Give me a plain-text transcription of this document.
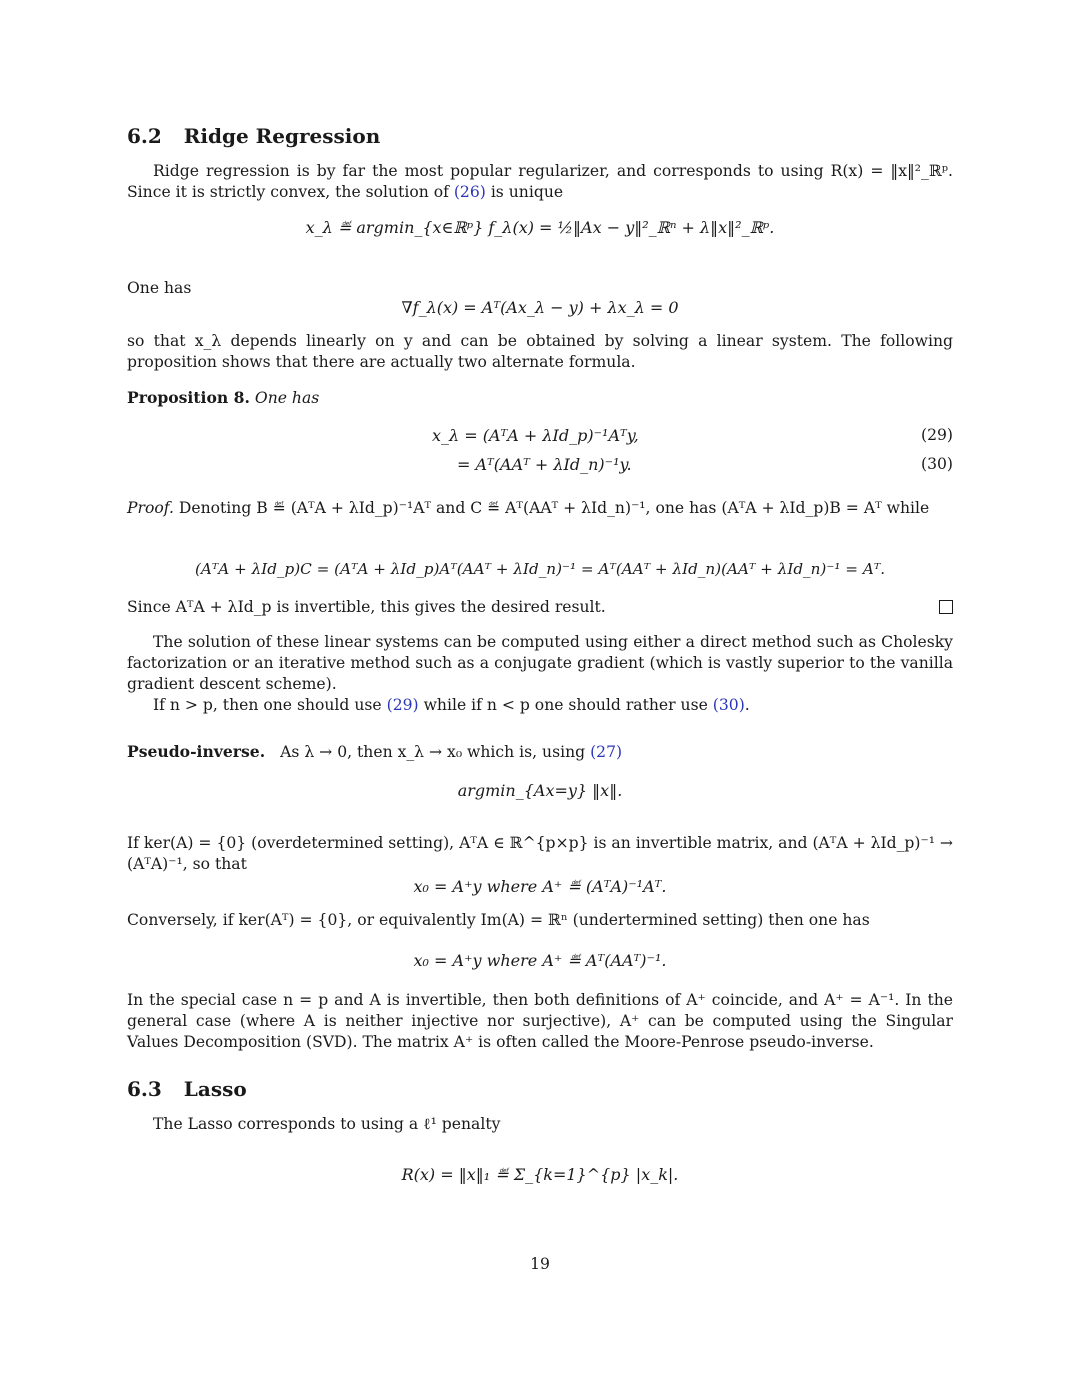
6.2 Ridge Regression
Ridge regression is by far the most popular regularizer, and corresponds to using R(x) = ‖x‖²_ℝᵖ. Since it is strictly convex, the solution of (26) is unique
x_λ ≝ argmin_{x∈ℝᵖ} f_λ(x) = ½‖Ax − y‖²_ℝⁿ + λ‖x‖²_ℝᵖ.
One has
∇f_λ(x) = Aᵀ(Ax_λ − y) + λx_λ = 0
so that x_λ depends linearly on y and can be obtained by solving a linear system. The following proposition shows that there are actually two alternate formula.
Proposition 8. One has
x_λ = (AᵀA + λId_p)⁻¹Aᵀy,	(29)
= Aᵀ(AAᵀ + λId_n)⁻¹y.	(30)
Proof. Denoting B ≝ (AᵀA + λId_p)⁻¹Aᵀ and C ≝ Aᵀ(AAᵀ + λId_n)⁻¹, one has (AᵀA + λId_p)B = Aᵀ while
(AᵀA + λId_p)C = (AᵀA + λId_p)Aᵀ(AAᵀ + λId_n)⁻¹ = Aᵀ(AAᵀ + λId_n)(AAᵀ + λId_n)⁻¹ = Aᵀ.
Since AᵀA + λId_p is invertible, this gives the desired result.
The solution of these linear systems can be computed using either a direct method such as Cholesky factorization or an iterative method such as a conjugate gradient (which is vastly superior to the vanilla gradient descent scheme).
If n > p, then one should use (29) while if n < p one should rather use (30).
Pseudo-inverse. As λ → 0, then x_λ → x₀ which is, using (27)
argmin_{Ax=y} ‖x‖.
If ker(A) = {0} (overdetermined setting), AᵀA ∈ ℝ^{p×p} is an invertible matrix, and (AᵀA + λId_p)⁻¹ → (AᵀA)⁻¹, so that
x₀ = A⁺y where A⁺ ≝ (AᵀA)⁻¹Aᵀ.
Conversely, if ker(Aᵀ) = {0}, or equivalently Im(A) = ℝⁿ (undertermined setting) then one has
x₀ = A⁺y where A⁺ ≝ Aᵀ(AAᵀ)⁻¹.
In the special case n = p and A is invertible, then both definitions of A⁺ coincide, and A⁺ = A⁻¹. In the general case (where A is neither injective nor surjective), A⁺ can be computed using the Singular Values Decomposition (SVD). The matrix A⁺ is often called the Moore-Penrose pseudo-inverse.
6.3 Lasso
The Lasso corresponds to using a ℓ¹ penalty
R(x) = ‖x‖₁ ≝ Σ_{k=1}^{p} |x_k|.
19
